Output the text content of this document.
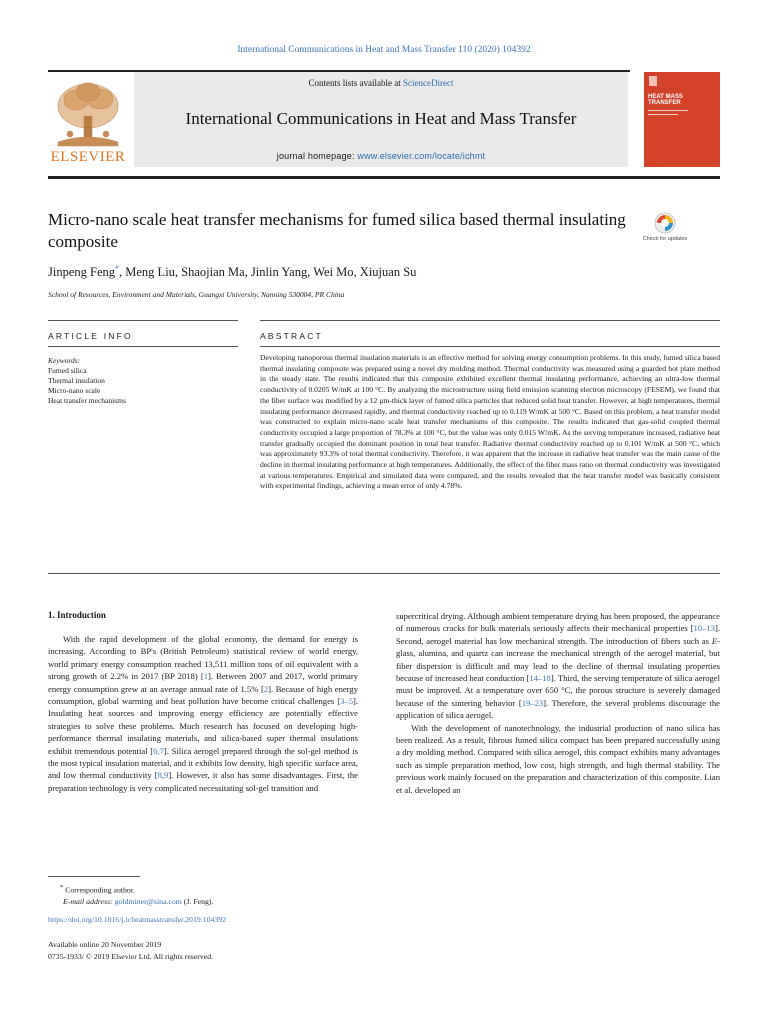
International Communications in Heat and Mass Transfer 110 (2020) 104392
ELSEVIER
Contents lists available at ScienceDirect
International Communications in Heat and Mass Transfer
journal homepage: www.elsevier.com/locate/ichmt
HEAT MASS TRANSFER
Micro-nano scale heat transfer mechanisms for fumed silica based thermal insulating composite	Check for updates
Jinpeng Feng*, Meng Liu, Shaojian Ma, Jinlin Yang, Wei Mo, Xiujuan Su
School of Resources, Environment and Materials, Guangxi University, Nanning 530004, PR China
ARTICLE INFO	ABSTRACT
Keywords:
Fumed silica
Thermal insulation
Micro-nano scale
Heat transfer mechanisms
Developing nanoporous thermal insulation materials is an effective method for solving energy consumption problems. In this study, fumed silica based thermal insulating composite was prepared using a novel dry molding method. Thermal conductivity was measured using a guarded hot plate method in the steady state. The results indicated that this composite exhibited excellent thermal insulating performance, achieving an ultra-low thermal conductivity of 0.0205 W/mK at 100 °C. By analyzing the microstructure using field emission scanning electron microscopy (FESEM), we found that the fiber surface was modified by a 12 μm-thick layer of fumed silica particles that reduced solid heat transfer. However, at high temperatures, thermal insulating performance decreased rapidly, and thermal conductivity reached up to 0.119 W/mK at 500 °C. Based on this problem, a heat transfer model was constructed to explain micro-nano scale heat transfer mechanisms of this composite. The results indicated that gas-solid coupled thermal conductivity occupied a large proportion of 78.3% at 100 °C, but the value was only 0.015 W/mK. As the serving temperature increased, radiative heat transfer gradually occupied the dominant position in total heat transfer. Radiative thermal conductivity reached up to 0.101 W/mK at 500 °C, which was approximately 93.3% of total thermal conductivity. Therefore, it was apparent that the increase in radiative heat transfer was the main cause of the decline in thermal insulating performance at high temperatures. Additionally, the effect of the fiber mass ratio on thermal conductivity was investigated at various temperatures. Empirical and simulated data were compared, and the results revealed that the heat transfer model was basically consistent with experimental findings, achieving a mean error of only 4.78%.
1. Introduction

With the rapid development of the global economy, the demand for energy is increasing. According to BP's (British Petroleum) statistical review of world energy, world primary energy consumption reached 13,511 million tons of oil equivalent with a strong growth of 2.2% in 2017 (BP 2018) [1]. Between 2007 and 2017, world primary energy consumption grew at an average annual rate of 1.5% [2]. Because of high energy consumption, global warming and heat pollution have become critical challenges [3–5]. Insulating heat sources and improving energy efficiency are potentially effective strategies to solve these problems. Much research has focused on developing high-performance thermal insulating materials, and silica-based super thermal insulations exhibit tremendous potential [6,7]. Silica aerogel prepared through the sol-gel method is the most typical insulation material, and it exhibits low density, high specific surface area, and low thermal conductivity [8,9]. However, it also has some disadvantages. First, the preparation technology is very complicated necessitating sol-gel transition and

supercritical drying. Although ambient temperature drying has been proposed, the appearance of numerous cracks for bulk materials seriously affects their mechanical properties [10–13]. Second, aerogel material has low mechanical strength. The introduction of fibers such as E-glass, alumina, and quartz can increase the mechanical strength of the aerogel material, but fiber dispersion is difficult and may lead to the decline of thermal insulating properties because of increased heat conduction [14–18]. Third, the serving temperature of silica aerogel must be improved. At a temperature over 650 °C, the porous structure is severely damaged because of the sintering behavior [19–23]. Therefore, the several problems discourage the application of silica aerogel.

With the development of nanotechnology, the industrial production of nano silica has been realized. As a result, fibrous fumed silica compact has been prepared successfully using a dry molding method. Compared with silica aerogel, this compact exhibits many advantages such as simple preparation method, low cost, high strength, and high thermal stability. The previous work mainly focused on the preparation and characterization of this composite. Lian et al. developed an

* Corresponding author.
E-mail address: goldminer@sina.com (J. Feng).
https://doi.org/10.1016/j.icheatmasstransfer.2019.104392
Available online 20 November 2019
0735-1933/ © 2019 Elsevier Ltd. All rights reserved.
